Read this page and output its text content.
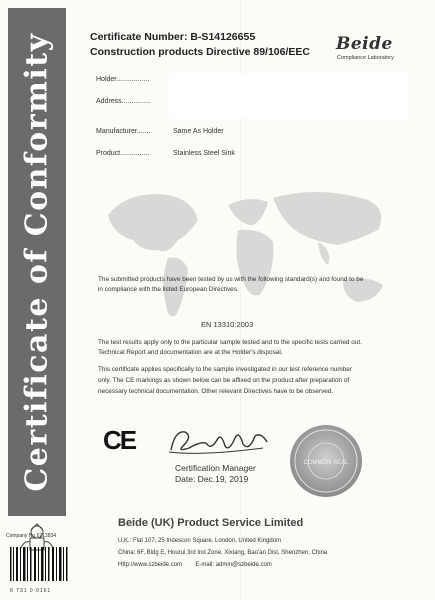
Certificate of Conformity
Company No.6713834
6 731 0 0161
Certificate Number: B-S14126655
Construction products Directive 89/106/EEC Beide
Compliance Laboratory
Holder.................
Address...............
Manufacturer.......	Same As Holder
Product...............	Stainless Steel Sink
The submitted products have been tested by us with the following standard(s) and found to be
in compliance with the listed European Directives.
EN 13310:2003
The test results apply only to the particular sample tested and to the specific tests carried out.
Technical Report and documentation are at the Holder's disposal.
This certificate applies specifically to the sample investigated in our test reference number
only. The CE markings as shown below can be affixed on the product after preparation of
necessary technical documentation. Other relevant Directives have to be observed.
CE
Certification Manager
Date: Dec.19, 2019
COMMON SEAL
Beide (UK) Product Service Limited
U.K.: Flat 107, 25 Indescon Square, London, United Kingdom
China: 6F, Bldg E, Hourui 3rd Ind Zone, Xixiang, Bao'an Dist, Shenzhen, China
Http://www.szbeide.com        E-mail: admin@szbeide.com
